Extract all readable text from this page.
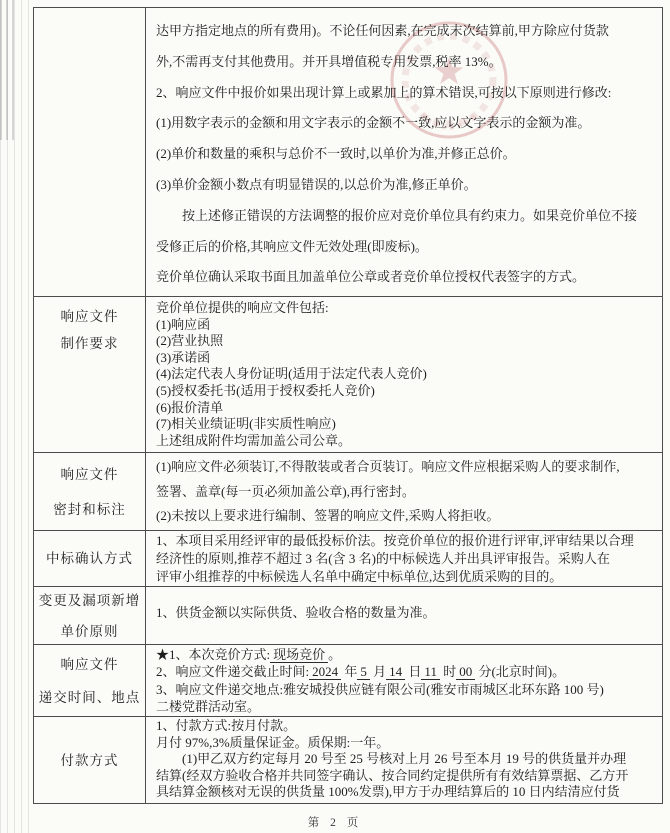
达甲方指定地点的所有费用)。不论任何因素,在完成末次结算前,甲方除应付货款
外,不需再支付其他费用。并开具增值税专用发票,税率 13%。
2、响应文件中报价如果出现计算上或累加上的算术错误,可按以下原则进行修改:
(1)用数字表示的金额和用文字表示的金额不一致,应以文字表示的金额为准。
(2)单价和数量的乘积与总价不一致时,以单价为准,并修正总价。
(3)单价金额小数点有明显错误的,以总价为准,修正单价。
　　按上述修正错误的方法调整的报价应对竞价单位具有约束力。如果竞价单位不接
受修正后的价格,其响应文件无效处理(即废标)。
竞价单位确认采取书面且加盖单位公章或者竞价单位授权代表签字的方式。
响应文件
制作要求
竞价单位提供的响应文件包括:
(1)响应函
(2)营业执照
(3)承诺函
(4)法定代表人身份证明(适用于法定代表人竞价)
(5)授权委托书(适用于授权委托人竞价)
(6)报价清单
(7)相关业绩证明(非实质性响应)
上述组成附件均需加盖公司公章。
响应文件
密封和标注
(1)响应文件必须装订,不得散装或者合页装订。响应文件应根据采购人的要求制作,
签署、盖章(每一页必须加盖公章),再行密封。
(2)未按以上要求进行编制、签署的响应文件,采购人将拒收。
中标确认方式
1、本项目采用经评审的最低投标价法。按竞价单位的报价进行评审,评审结果以合理
经济性的原则,推荐不超过 3 名(含 3 名)的中标候选人并出具评审报告。采购人在
评审小组推荐的中标候选人名单中确定中标单位,达到优质采购的目的。
变更及漏项新增
单价原则
1、供货金额以实际供货、验收合格的数量为准。
响应文件
递交时间、地点
★1、本次竞价方式: 现场竞价 。
2、响应文件递交截止时间: 2024 年 5 月 14 日 11 时 00 分(北京时间)。
3、响应文件递交地点:雅安城投供应链有限公司(雅安市雨城区北环东路 100 号)
二楼党群活动室。
付款方式
1、付款方式:按月付款。
月付 97%,3%质量保证金。质保期:一年。
　　(1)甲乙双方约定每月 20 号至 25 号核对上月 26 号至本月 19 号的供货量并办理
结算(经双方验收合格并共同签字确认、按合同约定提供所有有效结算票据、乙方开
具结算金额核对无误的供货量 100%发票),甲方于办理结算后的 10 日内结清应付货
第 2 页
